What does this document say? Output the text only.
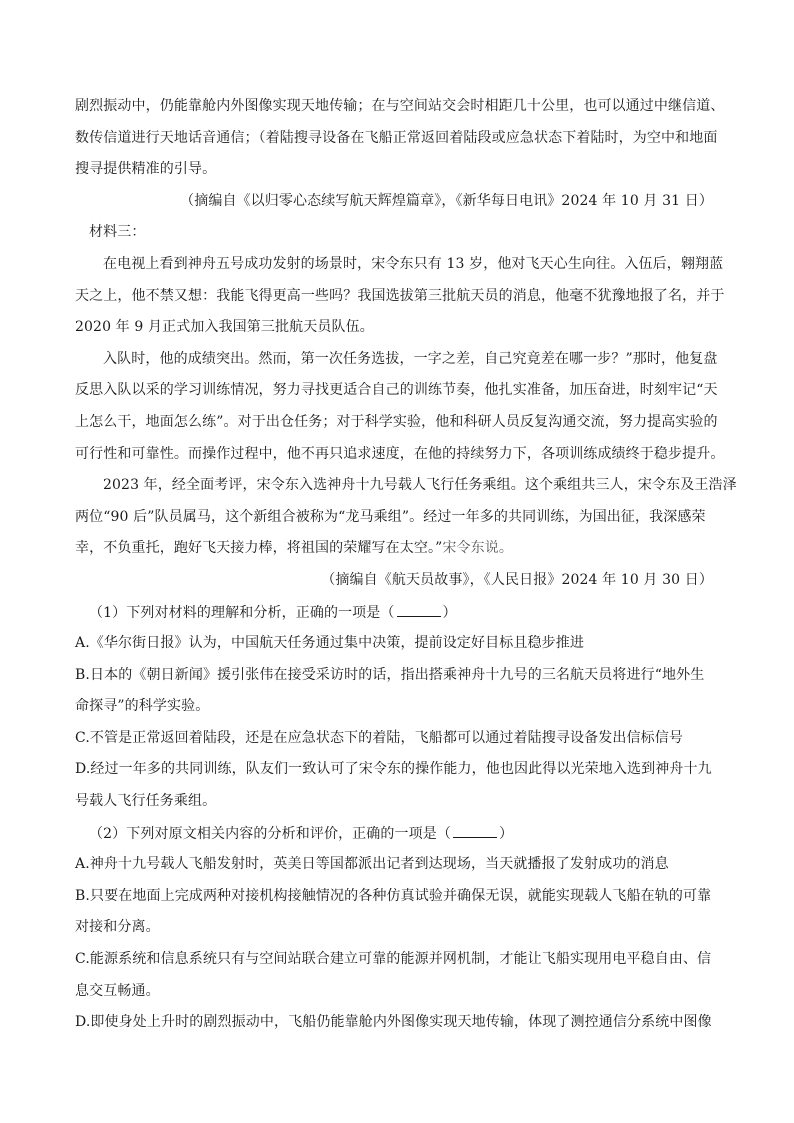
剧烈振动中，仍能靠舱内外图像实现天地传输；在与空间站交会时相距几十公里，也可以通过中继信道、
数传信道进行天地话音通信；（着陆搜寻设备在飞船正常返回着陆段或应急状态下着陆时，为空中和地面
搜寻提供精准的引导。
（摘编自《以归零心态续写航天辉煌篇章》，《新华每日电讯》2024 年 10 月 31 日）
材料三：
在电视上看到神舟五号成功发射的场景时，宋令东只有 13 岁，他对飞天心生向往。入伍后，翱翔蓝
天之上，他不禁又想：我能飞得更高一些吗？我国选拔第三批航天员的消息，他毫不犹豫地报了名，并于
2020 年 9 月正式加入我国第三批航天员队伍。
入队时，他的成绩突出。然而，第一次任务选拔，一字之差，自己究竟差在哪一步？”那时，他复盘
反思入队以采的学习训练情况，努力寻找更适合自己的训练节奏，他扎实准备，加压奋进，时刻牢记“天
上怎么干，地面怎么练”。对于出仓任务；对于科学实验，他和科研人员反复沟通交流，努力提高实验的
可行性和可靠性。而操作过程中，他不再只追求速度，在他的持续努力下，各项训练成绩终于稳步提升。
2023 年，经全面考评，宋令东入选神舟十九号载人飞行任务乘组。这个乘组共三人，宋令东及王浩泽
两位“90 后”队员属马，这个新组合被称为“龙马乘组”。经过一年多的共同训练，为国出征，我深感荣
幸，不负重托，跑好飞天接力棒，将祖国的荣耀写在太空。”宋令东说。
（摘编自《航天员故事》，《人民日报》2024 年 10 月 30 日）
（1）下列对材料的理解和分析，正确的一项是（	）
A.《华尔街日报》认为，中国航天任务通过集中决策，提前设定好目标且稳步推进
B.日本的《朝日新闻》援引张伟在接受采访时的话，指出搭乘神舟十九号的三名航天员将进行“地外生
命探寻”的科学实验。
C.不管是正常返回着陆段，还是在应急状态下的着陆，飞船都可以通过着陆搜寻设备发出信标信号
D.经过一年多的共同训练，队友们一致认可了宋令东的操作能力，他也因此得以光荣地入选到神舟十九
号载人飞行任务乘组。
（2）下列对原文相关内容的分析和评价，正确的一项是（	）
A.神舟十九号载人飞船发射时，英美日等国都派出记者到达现场，当天就播报了发射成功的消息
B.只要在地面上完成两种对接机构接触情况的各种仿真试验并确保无误，就能实现载人飞船在轨的可靠
对接和分离。
C.能源系统和信息系统只有与空间站联合建立可靠的能源并网机制，才能让飞船实现用电平稳自由、信
息交互畅通。
D.即使身处上升时的剧烈振动中，飞船仍能靠舱内外图像实现天地传输，体现了测控通信分系统中图像
